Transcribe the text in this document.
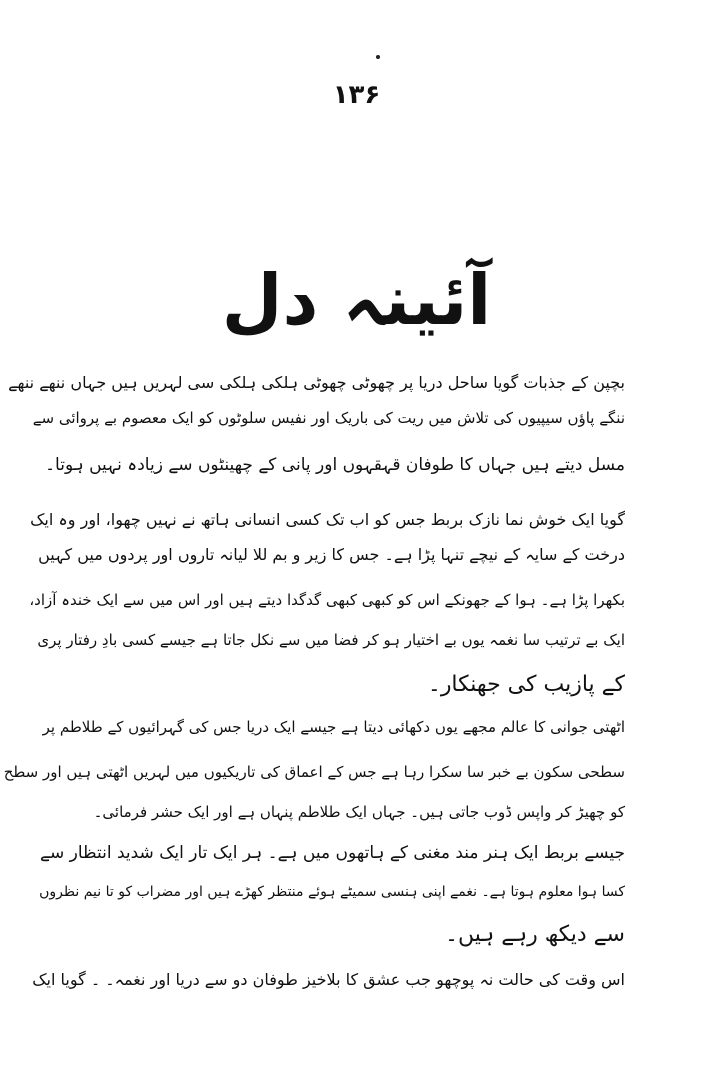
۱۳۶
آئینہ دل
بچپن کے جذبات گویا ساحل دریا پر چھوٹی چھوٹی ہلکی ہلکی سی لہریں ہیں جہاں ننھے ننھے
ننگے پاؤں سیپیوں کی تلاش میں ریت کی باریک اور نفیس سلوٹوں کو ایک معصوم بے پروائی سے
مسل دیتے ہیں جہاں کا طوفان قہقہوں اور پانی کے چھینٹوں سے زیادہ نہیں ہوتا۔
گویا ایک خوش نما نازک بربط جس کو اب تک کسی انسانی ہاتھ نے نہیں چھوا، اور وہ ایک
درخت کے سایہ کے نیچے تنہا پڑا ہے۔ جس کا زیر و بم للا لیانہ تاروں اور پردوں میں کہیں
بکھرا پڑا ہے۔ ہوا کے جھونکے اس کو کبھی کبھی گدگدا دیتے ہیں اور اس میں سے ایک خندہ آزاد،
ایک بے ترتیب سا نغمہ یوں بے اختیار ہو کر فضا میں سے نکل جاتا ہے جیسے کسی بادِ رفتار پری
کے پازیب کی جھنکار۔
اٹھتی جوانی کا عالم مجھے یوں دکھائی دیتا ہے جیسے ایک دریا جس کی گہرائیوں کے طلاطم پر
سطحی سکون بے خبر سا سکرا رہا ہے جس کے اعماق کی تاریکیوں میں لہریں اٹھتی ہیں اور سطح
کو چھیڑ کر واپس ڈوب جاتی ہیں۔ جہاں ایک طلاطم پنہاں ہے اور ایک حشر فرمائی۔
جیسے بربط ایک ہنر مند مغنی کے ہاتھوں میں ہے۔ ہر ایک تار ایک شدید انتظار سے
کسا ہوا معلوم ہوتا ہے۔ نغمے اپنی ہنسی سمیٹے ہوئے منتظر کھڑے ہیں اور مضراب کو تا نیم نظروں
سے دیکھ رہے ہیں۔
اس وقت کی حالت نہ پوچھو جب عشق کا بلاخیز طوفان دو سے دریا اور نغمہ۔ ۔ گویا ایک
